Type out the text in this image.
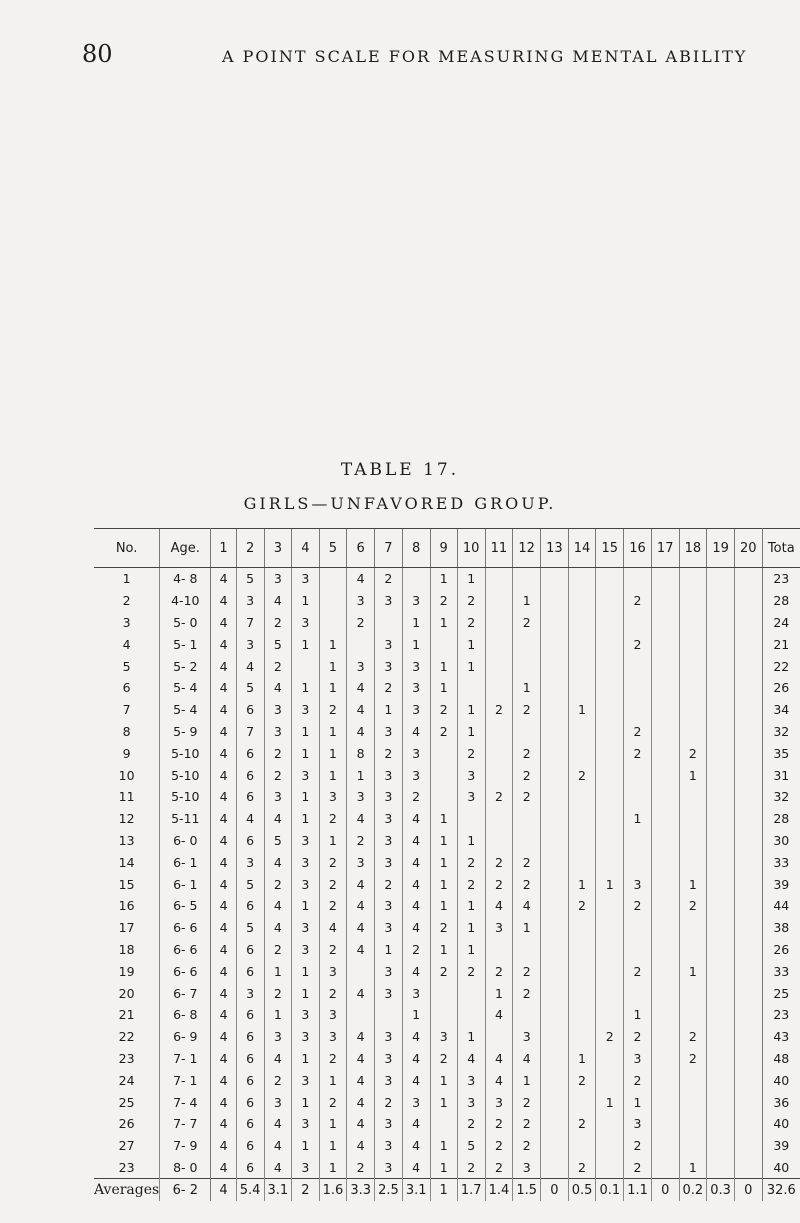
80	A POINT SCALE FOR MEASURING MENTAL ABILITY
TABLE 17.
GIRLS—UNFAVORED GROUP.
No.	Age.	1	2	3	4	5	6	7	8	9	10	11	12	13	14	15	16	17	18	19	20	Tota
1	4- 8	4	5	3	3		4	2		1	1											23
2	4-10	4	3	4	1		3	3	3	2	2		1				2					28
3	5- 0	4	7	2	3		2		1	1	2		2									24
4	5- 1	4	3	5	1	1		3	1		1						2					21
5	5- 2	4	4	2		1	3	3	3	1	1											22
6	5- 4	4	5	4	1	1	4	2	3	1			1									26
7	5- 4	4	6	3	3	2	4	1	3	2	1	2	2		1							34
8	5- 9	4	7	3	1	1	4	3	4	2	1						2					32
9	5-10	4	6	2	1	1	8	2	3		2		2				2		2			35
10	5-10	4	6	2	3	1	1	3	3		3		2		2				1			31
11	5-10	4	6	3	1	3	3	3	2		3	2	2									32
12	5-11	4	4	4	1	2	4	3	4	1							1					28
13	6- 0	4	6	5	3	1	2	3	4	1	1											30
14	6- 1	4	3	4	3	2	3	3	4	1	2	2	2									33
15	6- 1	4	5	2	3	2	4	2	4	1	2	2	2		1	1	3		1			39
16	6- 5	4	6	4	1	2	4	3	4	1	1	4	4		2		2		2			44
17	6- 6	4	5	4	3	4	4	3	4	2	1	3	1									38
18	6- 6	4	6	2	3	2	4	1	2	1	1											26
19	6- 6	4	6	1	1	3		3	4	2	2	2	2				2		1			33
20	6- 7	4	3	2	1	2	4	3	3			1	2									25
21	6- 8	4	6	1	3	3			1			4					1					23
22	6- 9	4	6	3	3	3	4	3	4	3	1		3			2	2		2			43
23	7- 1	4	6	4	1	2	4	3	4	2	4	4	4		1		3		2			48
24	7- 1	4	6	2	3	1	4	3	4	1	3	4	1		2		2					40
25	7- 4	4	6	3	1	2	4	2	3	1	3	3	2			1	1					36
26	7- 7	4	6	4	3	1	4	3	4		2	2	2		2		3					40
27	7- 9	4	6	4	1	1	4	3	4	1	5	2	2				2					39
23	8- 0	4	6	4	3	1	2	3	4	1	2	2	3		2		2		1			40
Averages	6- 2	4	5.4	3.1	2	1.6	3.3	2.5	3.1	1	1.7	1.4	1.5	0	0.5	0.1	1.1	0	0.2	0.3	0	32.6
